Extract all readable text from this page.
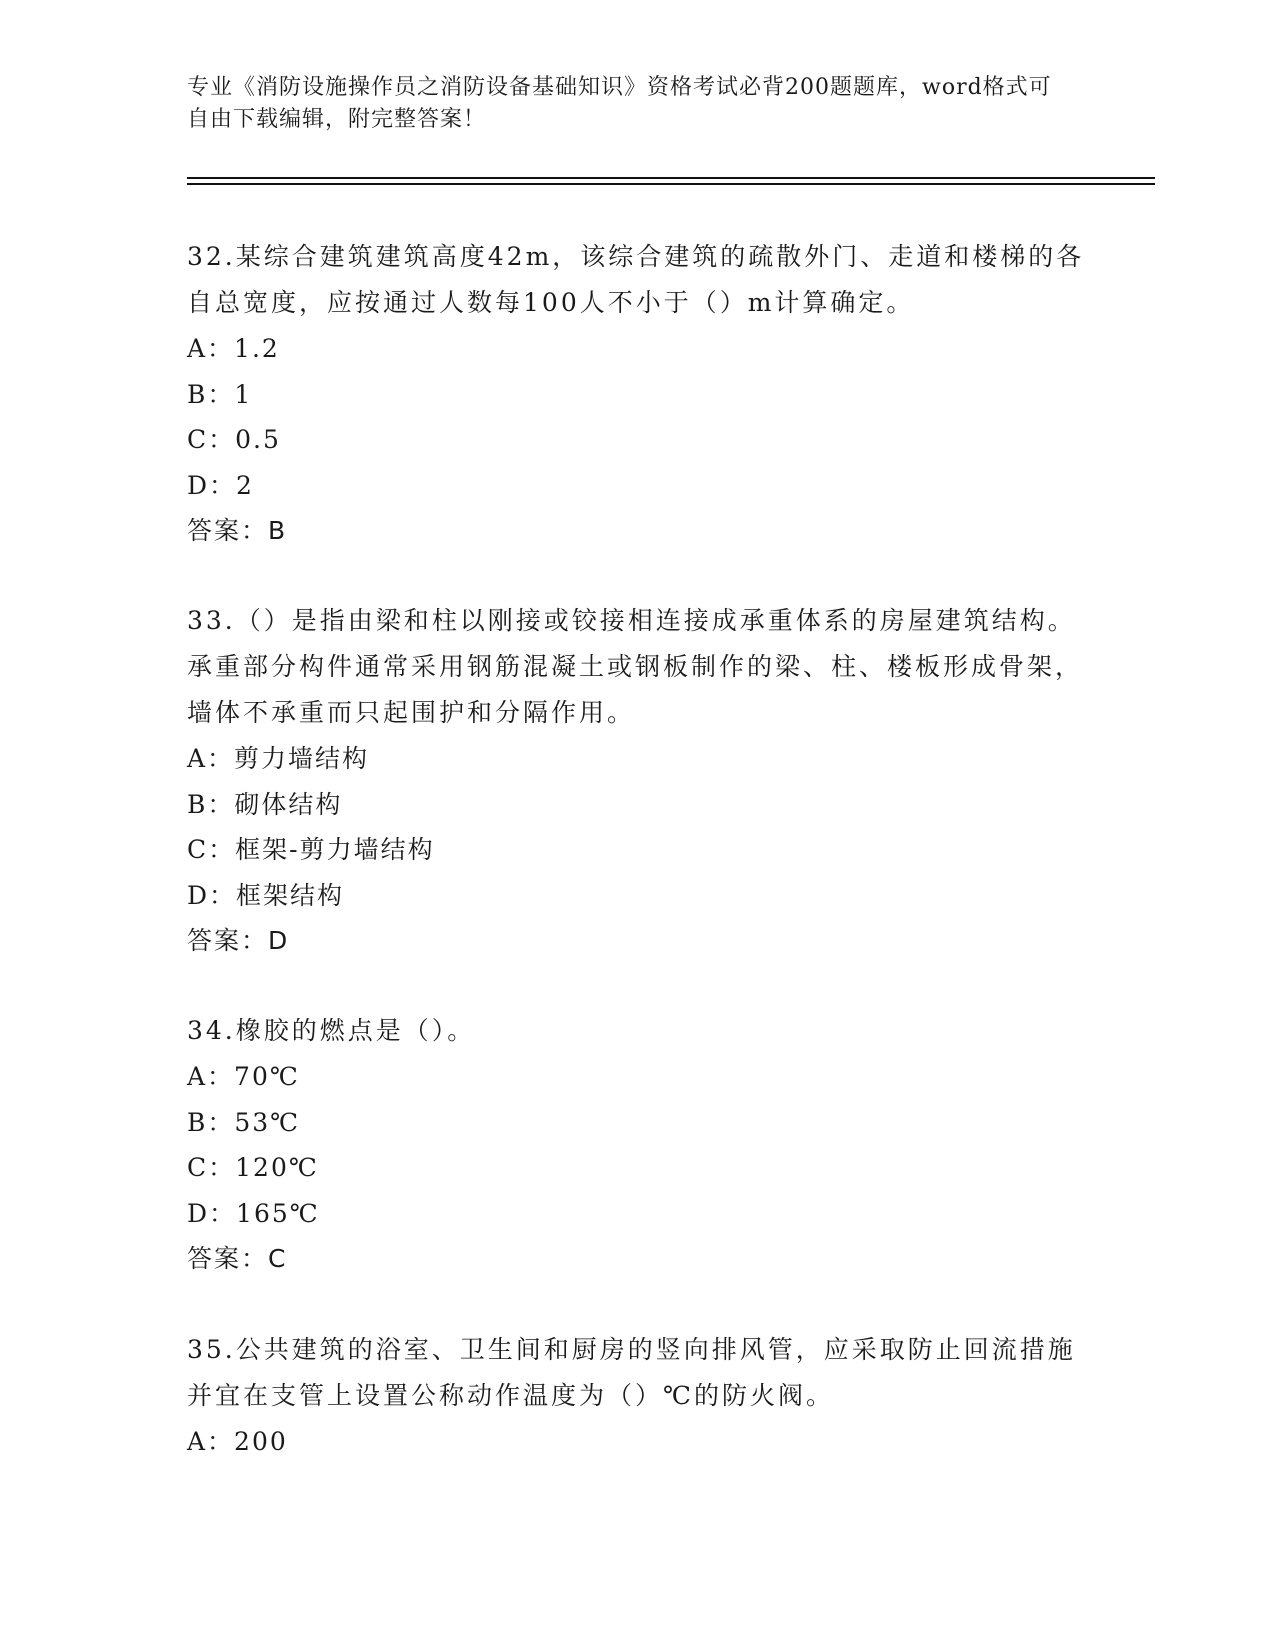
专业《消防设施操作员之消防设备基础知识》资格考试必背200题题库，word格式可自由下载编辑，附完整答案！
32.某综合建筑建筑高度42m，该综合建筑的疏散外门、走道和楼梯的各自总宽度，应按通过人数每100人不小于（）m计算确定。
A：1.2
B：1
C：0.5
D：2
答案：B
33.（）是指由梁和柱以刚接或铰接相连接成承重体系的房屋建筑结构。承重部分构件通常采用钢筋混凝土或钢板制作的梁、柱、楼板形成骨架，墙体不承重而只起围护和分隔作用。
A：剪力墙结构
B：砌体结构
C：框架-剪力墙结构
D：框架结构
答案：D
34.橡胶的燃点是（）。
A：70℃
B：53℃
C：120℃
D：165℃
答案：C
35.公共建筑的浴室、卫生间和厨房的竖向排风管，应采取防止回流措施并宜在支管上设置公称动作温度为（）℃的防火阀。
A：200
